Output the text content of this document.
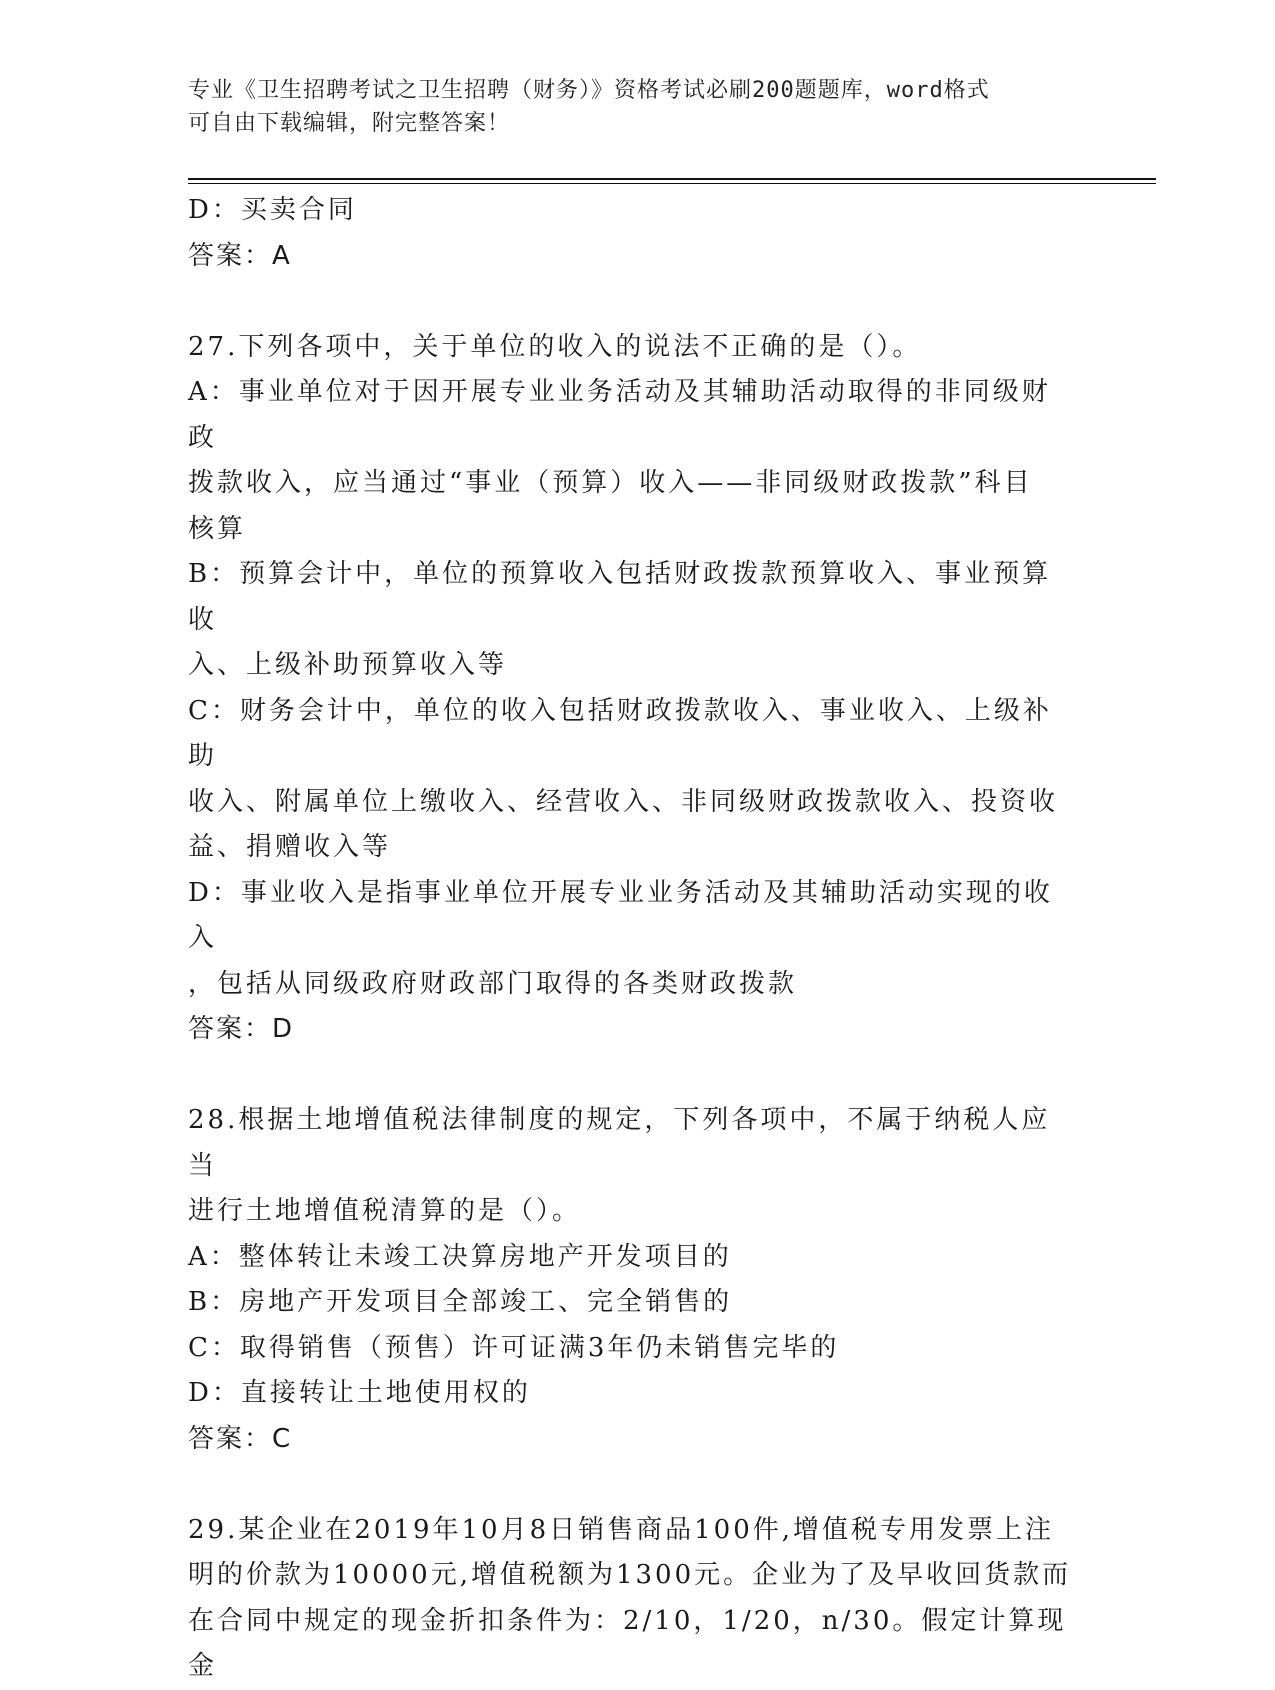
专业《卫生招聘考试之卫生招聘（财务）》资格考试必刷200题题库，word格式
可自由下载编辑，附完整答案！

D：买卖合同

答案：A

27.下列各项中，关于单位的收入的说法不正确的是（）。

A：事业单位对于因开展专业业务活动及其辅助活动取得的非同级财政

拨款收入，应当通过“事业（预算）收入——非同级财政拨款”科目

核算

B：预算会计中，单位的预算收入包括财政拨款预算收入、事业预算收

入、上级补助预算收入等

C：财务会计中，单位的收入包括财政拨款收入、事业收入、上级补助

收入、附属单位上缴收入、经营收入、非同级财政拨款收入、投资收

益、捐赠收入等

D：事业收入是指事业单位开展专业业务活动及其辅助活动实现的收入

，包括从同级政府财政部门取得的各类财政拨款

答案：D

28.根据土地增值税法律制度的规定，下列各项中，不属于纳税人应当

进行土地增值税清算的是（）。

A：整体转让未竣工决算房地产开发项目的

B：房地产开发项目全部竣工、完全销售的

C：取得销售（预售）许可证满3年仍未销售完毕的

D：直接转让土地使用权的

答案：C

29.某企业在2019年10月8日销售商品100件,增值税专用发票上注

明的价款为10000元,增值税额为1300元。企业为了及早收回货款而

在合同中规定的现金折扣条件为：2/10，1/20，n/30。假定计算现金
